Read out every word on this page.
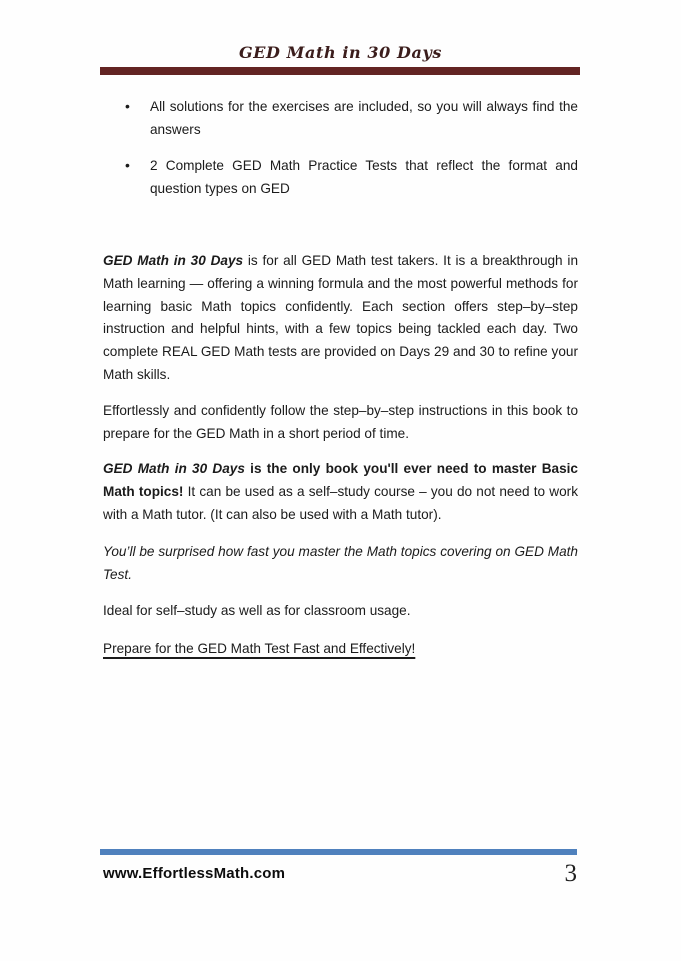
GED Math in 30 Days
•	All solutions for the exercises are included, so you will always find the answers
•	2 Complete GED Math Practice Tests that reflect the format and question types on GED

GED Math in 30 Days is for all GED Math test takers. It is a breakthrough in Math learning — offering a winning formula and the most powerful methods for learning basic Math topics confidently. Each section offers step–by–step instruction and helpful hints, with a few topics being tackled each day. Two complete REAL GED Math tests are provided on Days 29 and 30 to refine your Math skills.

Effortlessly and confidently follow the step–by–step instructions in this book to prepare for the GED Math in a short period of time.

GED Math in 30 Days is the only book you'll ever need to master Basic Math topics! It can be used as a self–study course – you do not need to work with a Math tutor. (It can also be used with a Math tutor).

You’ll be surprised how fast you master the Math topics covering on GED Math Test.

Ideal for self–study as well as for classroom usage.

Prepare for the GED Math Test Fast and Effectively!

www.EffortlessMath.com	3
